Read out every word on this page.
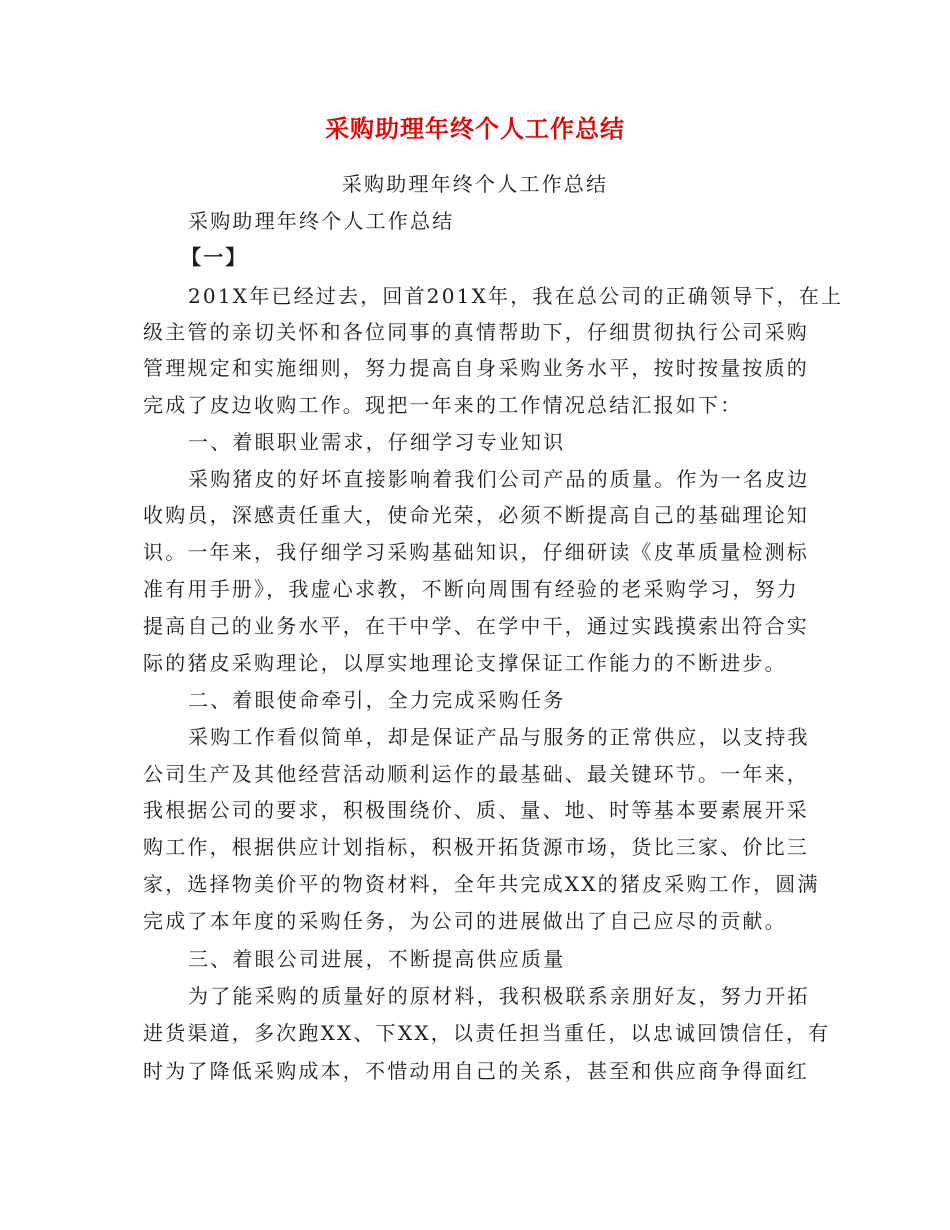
采购助理年终个人工作总结
采购助理年终个人工作总结
采购助理年终个人工作总结
【一】
201X年已经过去，回首201X年，我在总公司的正确领导下，在上
级主管的亲切关怀和各位同事的真情帮助下，仔细贯彻执行公司采购
管理规定和实施细则，努力提高自身采购业务水平，按时按量按质的
完成了皮边收购工作。现把一年来的工作情况总结汇报如下：
一、着眼职业需求，仔细学习专业知识
采购猪皮的好坏直接影响着我们公司产品的质量。作为一名皮边
收购员，深感责任重大，使命光荣，必须不断提高自己的基础理论知
识。一年来，我仔细学习采购基础知识，仔细研读《皮革质量检测标
准有用手册》，我虚心求教，不断向周围有经验的老采购学习，努力
提高自己的业务水平，在干中学、在学中干，通过实践摸索出符合实
际的猪皮采购理论，以厚实地理论支撑保证工作能力的不断进步。
二、着眼使命牵引，全力完成采购任务
采购工作看似简单，却是保证产品与服务的正常供应，以支持我
公司生产及其他经营活动顺利运作的最基础、最关键环节。一年来，
我根据公司的要求，积极围绕价、质、量、地、时等基本要素展开采
购工作，根据供应计划指标，积极开拓货源市场，货比三家、价比三
家，选择物美价平的物资材料，全年共完成XX的猪皮采购工作，圆满
完成了本年度的采购任务，为公司的进展做出了自己应尽的贡献。
三、着眼公司进展，不断提高供应质量
为了能采购的质量好的原材料，我积极联系亲朋好友，努力开拓
进货渠道，多次跑XX、下XX，以责任担当重任，以忠诚回馈信任，有
时为了降低采购成本，不惜动用自己的关系，甚至和供应商争得面红
